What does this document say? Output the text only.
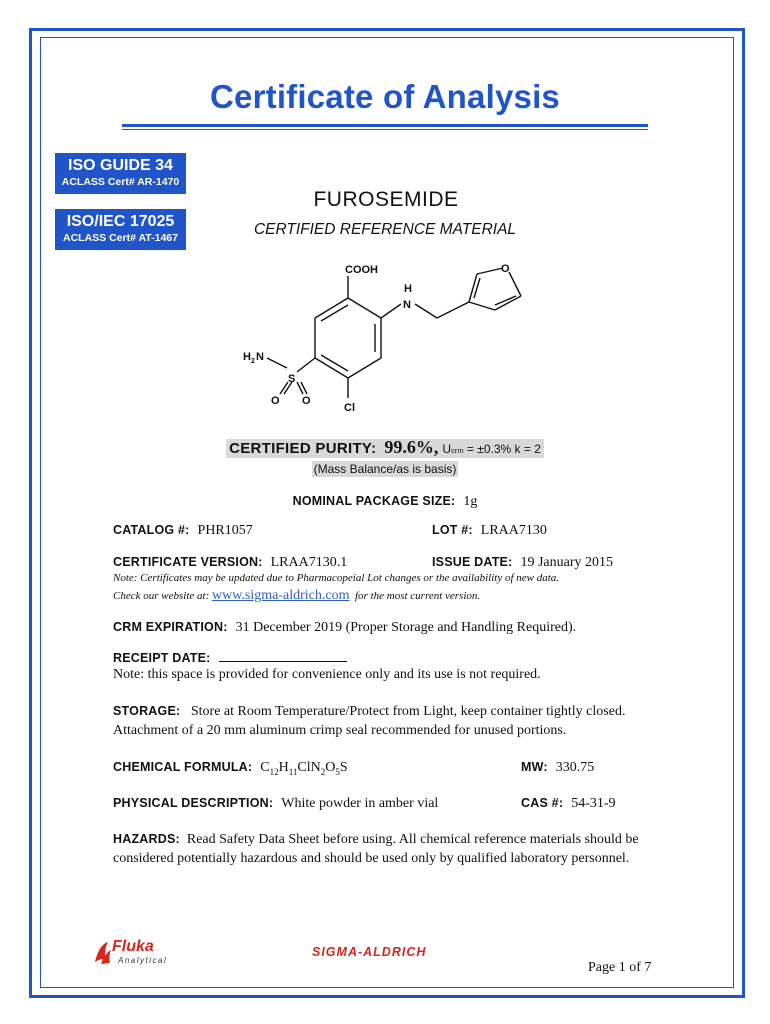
Certificate of Analysis
ISO GUIDE 34
ACLASS Cert# AR-1470
ISO/IEC 17025
ACLASS Cert# AT-1467
FUROSEMIDE
CERTIFIED REFERENCE MATERIAL
COOH
H
N
O
H 2 N
S
O O
Cl
CERTIFIED PURITY: 99.6%, Ucrm = ±0.3% k = 2
(Mass Balance/as is basis)
NOMINAL PACKAGE SIZE: 1g
CATALOG #: PHR1057	LOT #: LRAA7130
CERTIFICATE VERSION: LRAA7130.1	ISSUE DATE: 19 January 2015
Note: Certificates may be updated due to Pharmacopeial Lot changes or the availability of new data.
Check our website at: www.sigma-aldrich.com for the most current version.
CRM EXPIRATION: 31 December 2019 (Proper Storage and Handling Required).
RECEIPT DATE:
Note: this space is provided for convenience only and its use is not required.
STORAGE: Store at Room Temperature/Protect from Light, keep container tightly closed. Attachment of a 20 mm aluminum crimp seal recommended for unused portions.
CHEMICAL FORMULA: $C_{12}H_{11}ClN_2O_5S$	MW: 330.75
PHYSICAL DESCRIPTION: White powder in amber vial	CAS #: 54-31-9
HAZARDS: Read Safety Data Sheet before using. All chemical reference materials should be considered potentially hazardous and should be used only by qualified laboratory personnel.
Fluka
Analytical
SIGMA-ALDRICH
Page 1 of 7
